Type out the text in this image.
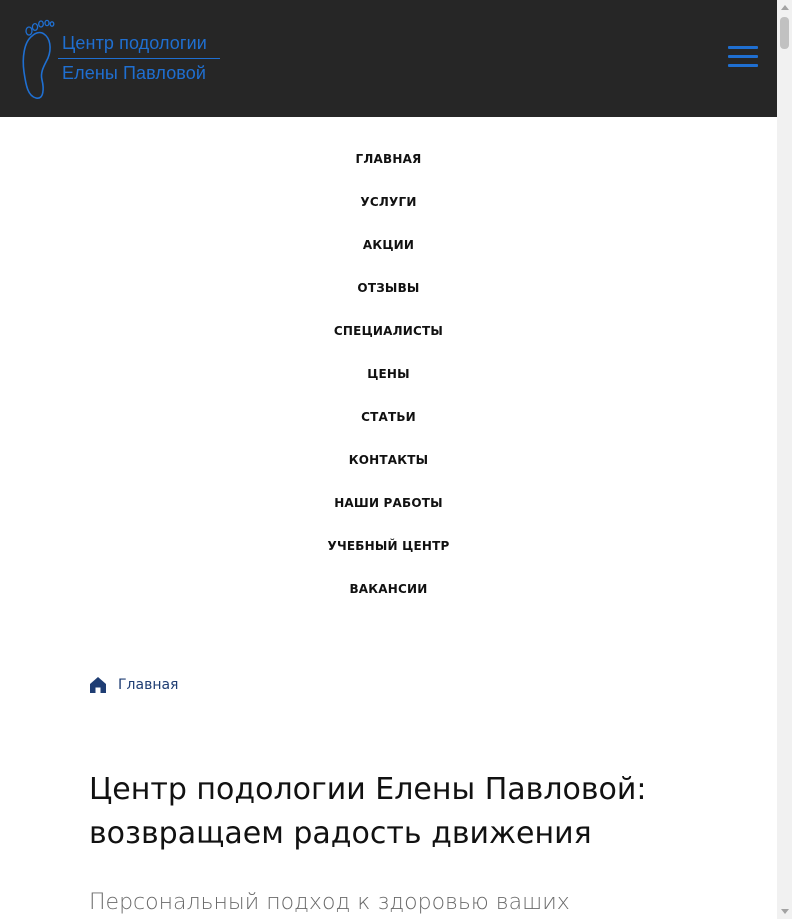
Центр подологии
Елены Павловой
ГЛАВНАЯ
УСЛУГИ
АКЦИИ
ОТЗЫВЫ
СПЕЦИАЛИСТЫ
ЦЕНЫ
СТАТЬИ
КОНТАКТЫ
НАШИ РАБОТЫ
УЧЕБНЫЙ ЦЕНТР
ВАКАНСИИ
Главная
Центр подологии Елены Павловой: возвращаем радость движения

Персональный подход к здоровью ваших
